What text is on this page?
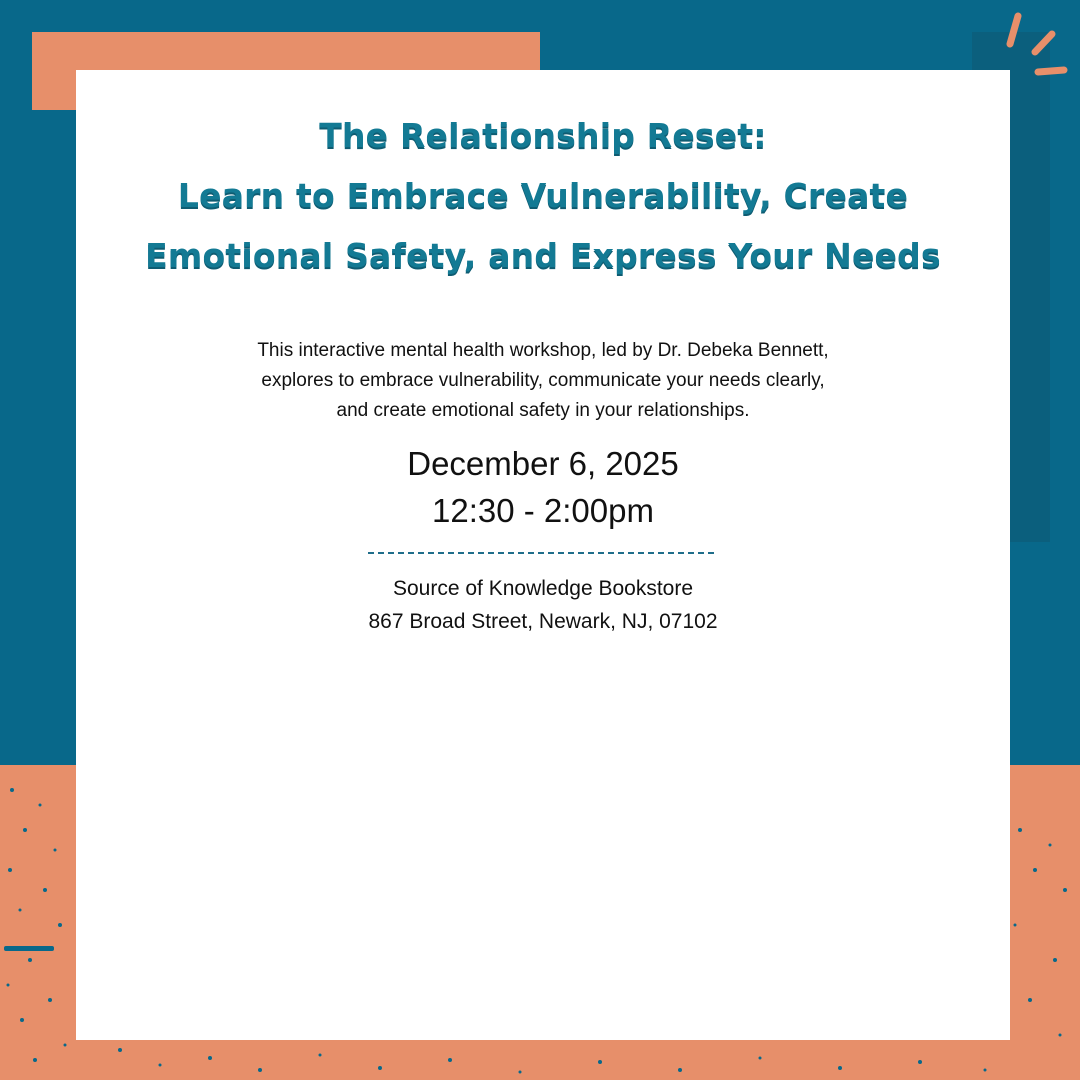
The Relationship Reset:
Learn to Embrace Vulnerability, Create
Emotional Safety, and Express Your Needs
This interactive mental health workshop, led by Dr. Debeka Bennett,
explores to embrace vulnerability, communicate your needs clearly,
and create emotional safety in your relationships.
December 6, 2025
12:30 - 2:00pm
Source of Knowledge Bookstore
867 Broad Street, Newark, NJ, 07102
